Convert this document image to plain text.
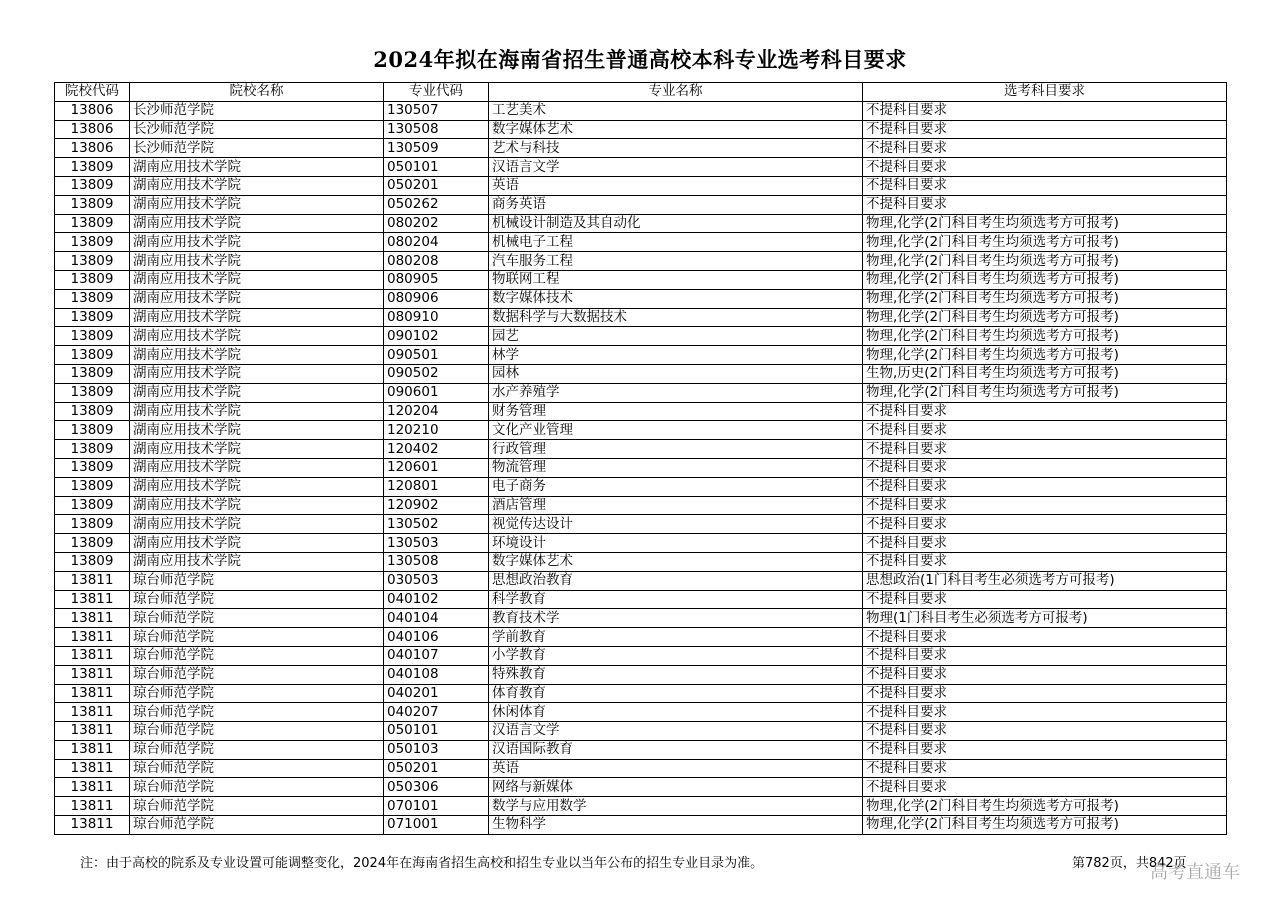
2024年拟在海南省招生普通高校本科专业选考科目要求
院校代码	院校名称	专业代码	专业名称	选考科目要求
13806	长沙师范学院	130507	工艺美术	不提科目要求
13806	长沙师范学院	130508	数字媒体艺术	不提科目要求
13806	长沙师范学院	130509	艺术与科技	不提科目要求
13809	湖南应用技术学院	050101	汉语言文学	不提科目要求
13809	湖南应用技术学院	050201	英语	不提科目要求
13809	湖南应用技术学院	050262	商务英语	不提科目要求
13809	湖南应用技术学院	080202	机械设计制造及其自动化	物理,化学(2门科目考生均须选考方可报考)
13809	湖南应用技术学院	080204	机械电子工程	物理,化学(2门科目考生均须选考方可报考)
13809	湖南应用技术学院	080208	汽车服务工程	物理,化学(2门科目考生均须选考方可报考)
13809	湖南应用技术学院	080905	物联网工程	物理,化学(2门科目考生均须选考方可报考)
13809	湖南应用技术学院	080906	数字媒体技术	物理,化学(2门科目考生均须选考方可报考)
13809	湖南应用技术学院	080910	数据科学与大数据技术	物理,化学(2门科目考生均须选考方可报考)
13809	湖南应用技术学院	090102	园艺	物理,化学(2门科目考生均须选考方可报考)
13809	湖南应用技术学院	090501	林学	物理,化学(2门科目考生均须选考方可报考)
13809	湖南应用技术学院	090502	园林	生物,历史(2门科目考生均须选考方可报考)
13809	湖南应用技术学院	090601	水产养殖学	物理,化学(2门科目考生均须选考方可报考)
13809	湖南应用技术学院	120204	财务管理	不提科目要求
13809	湖南应用技术学院	120210	文化产业管理	不提科目要求
13809	湖南应用技术学院	120402	行政管理	不提科目要求
13809	湖南应用技术学院	120601	物流管理	不提科目要求
13809	湖南应用技术学院	120801	电子商务	不提科目要求
13809	湖南应用技术学院	120902	酒店管理	不提科目要求
13809	湖南应用技术学院	130502	视觉传达设计	不提科目要求
13809	湖南应用技术学院	130503	环境设计	不提科目要求
13809	湖南应用技术学院	130508	数字媒体艺术	不提科目要求
13811	琼台师范学院	030503	思想政治教育	思想政治(1门科目考生必须选考方可报考)
13811	琼台师范学院	040102	科学教育	不提科目要求
13811	琼台师范学院	040104	教育技术学	物理(1门科目考生必须选考方可报考)
13811	琼台师范学院	040106	学前教育	不提科目要求
13811	琼台师范学院	040107	小学教育	不提科目要求
13811	琼台师范学院	040108	特殊教育	不提科目要求
13811	琼台师范学院	040201	体育教育	不提科目要求
13811	琼台师范学院	040207	休闲体育	不提科目要求
13811	琼台师范学院	050101	汉语言文学	不提科目要求
13811	琼台师范学院	050103	汉语国际教育	不提科目要求
13811	琼台师范学院	050201	英语	不提科目要求
13811	琼台师范学院	050306	网络与新媒体	不提科目要求
13811	琼台师范学院	070101	数学与应用数学	物理,化学(2门科目考生均须选考方可报考)
13811	琼台师范学院	071001	生物科学	物理,化学(2门科目考生均须选考方可报考)
注：由于高校的院系及专业设置可能调整变化，2024年在海南省招生高校和招生专业以当年公布的招生专业目录为准。	第782页，共842页
高考直通车
